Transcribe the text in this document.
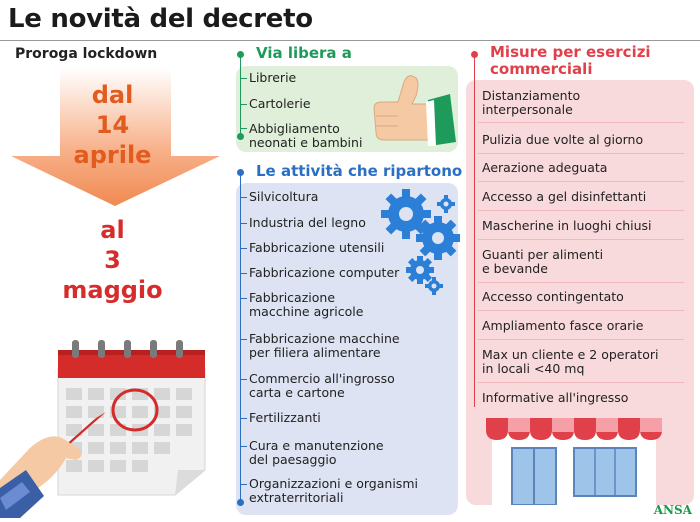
Le novità del decreto
Proroga lockdown
dal
14
aprile
al
3
maggio
Via libera a
Librerie
Cartolerie
Abbigliamento neonati e bambini
Le attività che ripartono
Silvicoltura
Industria del legno
Fabbricazione utensili
Fabbricazione computer
Fabbricazione macchine agricole
Fabbricazione macchine per filiera alimentare
Commercio all'ingrosso carta e cartone
Fertilizzanti
Cura e manutenzione del paesaggio
Organizzazioni e organismi extraterritoriali
Misure per esercizi commerciali
Distanziamento interpersonale
Pulizia due volte al giorno
Aerazione adeguata
Accesso a gel disinfettanti
Mascherine in luoghi chiusi
Guanti per alimenti e bevande
Accesso contingentato
Ampliamento fasce orarie
Max un cliente e 2 operatori in locali <40 mq
Informative all'ingresso
ANSA
